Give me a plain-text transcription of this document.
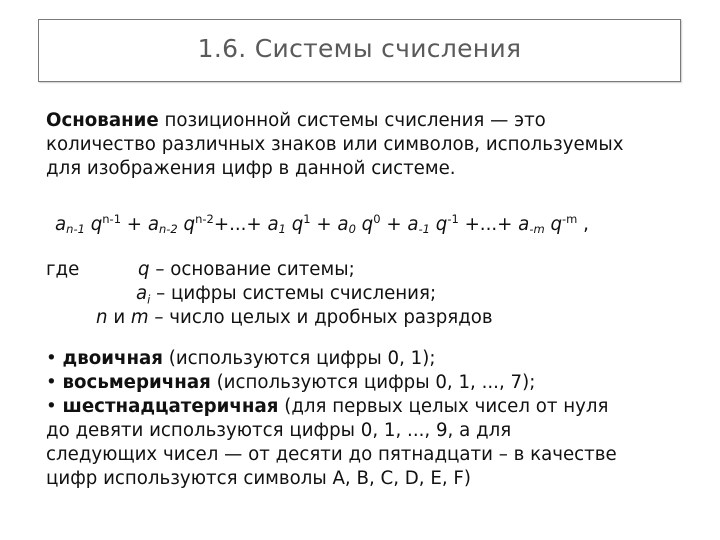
1.6. Системы счисления
Основание позиционной системы счисления — это
количество различных знаков или символов, используемых
для изображения цифр в данной системе.
$a_{n-1}$ $q^{n-1} + a_{n-2}$ $q^{n-2}+...+ a_1$ $q^1 + a_0$ $q^0 + a_{-1}$ $q^{-1}$ +...+ $a_{-m}$ $q^{-m}$ ,
где	q – основание ситемы;
$a_i$ – цифры системы счисления;
n и m – число целых и дробных разрядов
• двоичная (используются цифры 0, 1);
• восьмеричная (используются цифры 0, 1, ..., 7);
• шестнадцатеричная (для первых целых чисел от нуля
до девяти используются цифры 0, 1, ..., 9, а для
следующих чисел — от десяти до пятнадцати – в качестве
цифр используются символы A, B, C, D, E, F)
